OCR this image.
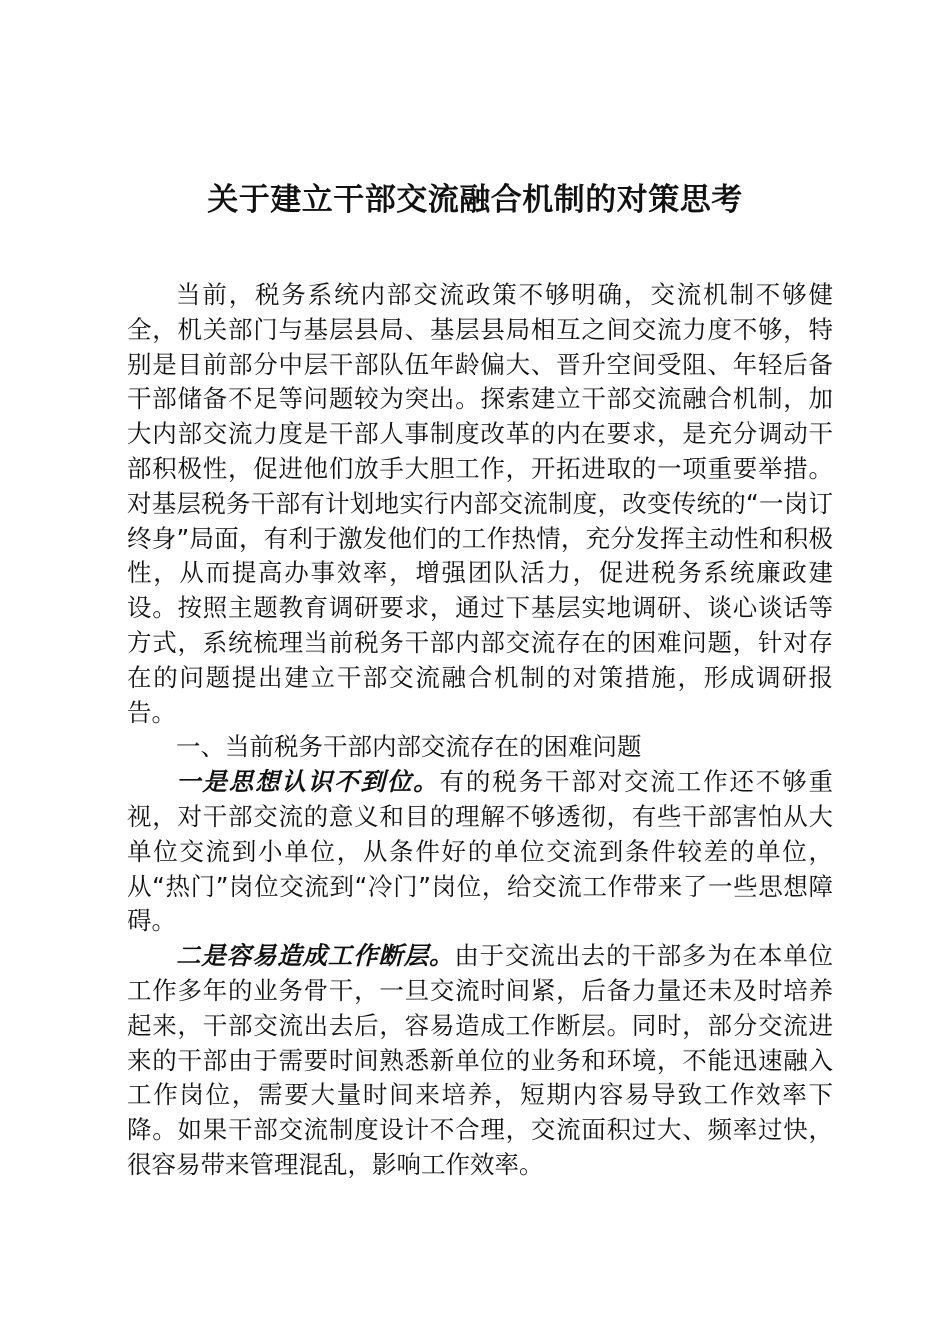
关于建立干部交流融合机制的对策思考

当前，税务系统内部交流政策不够明确，交流机制不够健全，机关部门与基层县局、基层县局相互之间交流力度不够，特别是目前部分中层干部队伍年龄偏大、晋升空间受阻、年轻后备干部储备不足等问题较为突出。探索建立干部交流融合机制，加大内部交流力度是干部人事制度改革的内在要求，是充分调动干部积极性，促进他们放手大胆工作，开拓进取的一项重要举措。对基层税务干部有计划地实行内部交流制度，改变传统的“一岗订终身”局面，有利于激发他们的工作热情，充分发挥主动性和积极性，从而提高办事效率，增强团队活力，促进税务系统廉政建设。按照主题教育调研要求，通过下基层实地调研、谈心谈话等方式，系统梳理当前税务干部内部交流存在的困难问题，针对存在的问题提出建立干部交流融合机制的对策措施，形成调研报告。

一、当前税务干部内部交流存在的困难问题

一是思想认识不到位。有的税务干部对交流工作还不够重视，对干部交流的意义和目的理解不够透彻，有些干部害怕从大单位交流到小单位，从条件好的单位交流到条件较差的单位，从“热门”岗位交流到“冷门”岗位，给交流工作带来了一些思想障碍。

二是容易造成工作断层。由于交流出去的干部多为在本单位工作多年的业务骨干，一旦交流时间紧，后备力量还未及时培养起来，干部交流出去后，容易造成工作断层。同时，部分交流进来的干部由于需要时间熟悉新单位的业务和环境，不能迅速融入工作岗位，需要大量时间来培养，短期内容易导致工作效率下降。如果干部交流制度设计不合理，交流面积过大、频率过快，很容易带来管理混乱，影响工作效率。
